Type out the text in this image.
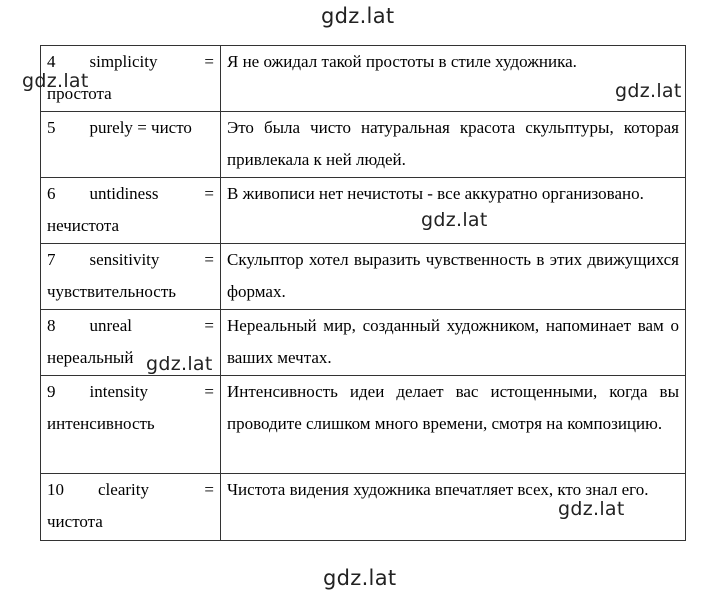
gdz.lat
gdz.lat	gdz.lat
gdz.lat
gdz.lat
gdz.lat
gdz.lat
4 simplicity =
простота	Я не ожидал такой простоты в стиле художника.

5 purely = чисто	Это была чисто натуральная красота скульптуры, которая привлекала к ней людей.

6 untidiness =
нечистота	В живописи нет нечистоты - все аккуратно организовано.

7 sensitivity =
чувствительность	Скульптор хотел выразить чувственность в этих движущихся формах.

8 unreal =
нереальный	Нереальный мир, созданный художником, напоминает вам о ваших мечтах.

9 intensity =
интенсивность	Интенсивность идеи делает вас истощенными, когда вы проводите слишком много времени, смотря на композицию.

10 clearity =
чистота	Чистота видения художника впечатляет всех, кто знал его.
